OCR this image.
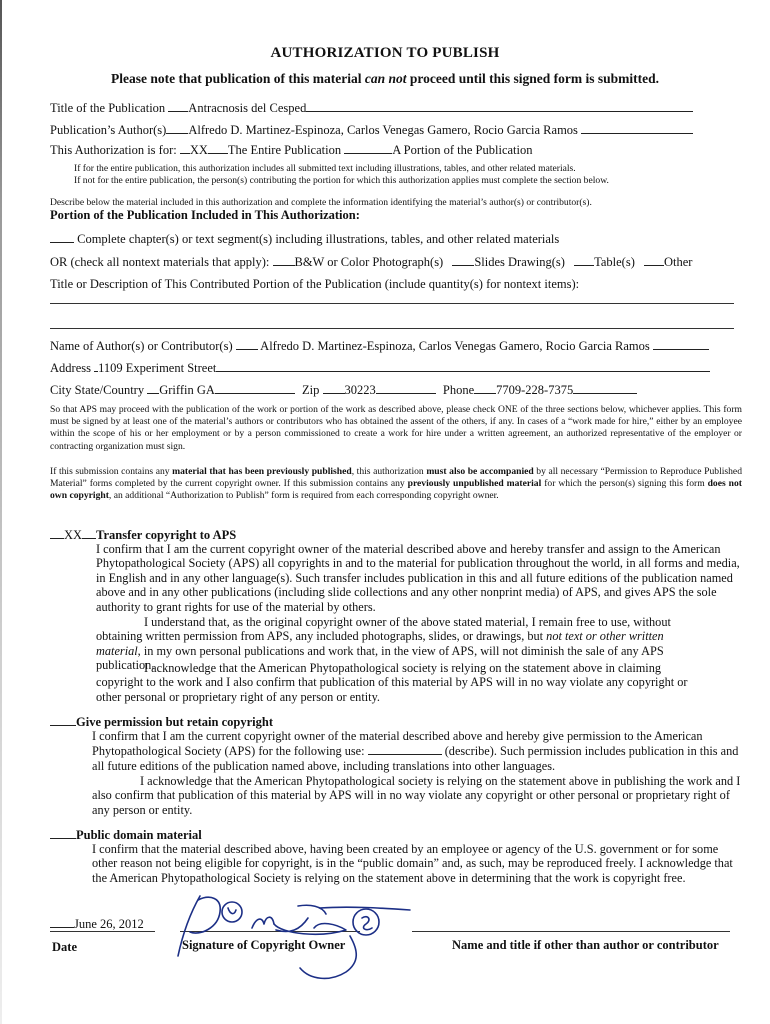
AUTHORIZATION TO PUBLISH
Please note that publication of this material can not proceed until this signed form is submitted.
Title of the Publication Antracnosis del Cesped
Publication’s Author(s) Alfredo D. Martinez-Espinoza, Carlos Venegas Gamero, Rocio Garcia Ramos
This Authorization is for: XX The Entire Publication	A Portion of the Publication
If for the entire publication, this authorization includes all submitted text including illustrations, tables, and other related materials.
If not for the entire publication, the person(s) contributing the portion for which this authorization applies must complete the section below.
Describe below the material included in this authorization and complete the information identifying the material’s author(s) or contributor(s).
Portion of the Publication Included in This Authorization:
Complete chapter(s) or text segment(s) including illustrations, tables, and other related materials
OR (check all nontext materials that apply): B&W or Color Photograph(s) Slides Drawing(s) Table(s) Other
Title or Description of This Contributed Portion of the Publication (include quantity(s) for nontext items):
Name of Author(s) or Contributor(s) Alfredo D. Martinez-Espinoza, Carlos Venegas Gamero, Rocio Garcia Ramos
Address 1109 Experiment Street
City State/Country Griffin GA	Zip 30223	Phone 7709-228-7375
So that APS may proceed with the publication of the work or portion of the work as described above, please check ONE of the three sections below, whichever applies. This form must be signed by at least one of the material’s authors or contributors who has obtained the assent of the others, if any. In cases of a “work made for hire,” either by an employee within the scope of his or her employment or by a person commissioned to create a work for hire under a written agreement, an authorized representative of the employer or contracting organization must sign.
If this submission contains any material that has been previously published, this authorization must also be accompanied by all necessary “Permission to Reproduce Published Material” forms completed by the current copyright owner. If this submission contains any previously unpublished material for which the person(s) signing this form does not own copyright, an additional “Authorization to Publish” form is required from each corresponding copyright owner.
XX Transfer copyright to APS
I confirm that I am the current copyright owner of the material described above and hereby transfer and assign to the American Phytopathological Society (APS) all copyrights in and to the material for publication throughout the world, in all forms and media, in English and in any other language(s). Such transfer includes publication in this and all future editions of the publication named above and in any other publications (including slide collections and any other nonprint media) of APS, and gives APS the sole authority to grant rights for use of the material by others.
I understand that, as the original copyright owner of the above stated material, I remain free to use, without obtaining written permission from APS, any included photographs, slides, or drawings, but not text or other written material, in my own personal publications and work that, in the view of APS, will not diminish the sale of any APS publication.
I acknowledge that the American Phytopathological society is relying on the statement above in claiming copyright to the work and I also confirm that publication of this material by APS will in no way violate any copyright or other personal or proprietary right of any person or entity.
Give permission but retain copyright
I confirm that I am the current copyright owner of the material described above and hereby give permission to the American Phytopathological Society (APS) for the following use:	(describe). Such permission includes publication in this and all future editions of the publication named above, including translations into other languages.
I acknowledge that the American Phytopathological society is relying on the statement above in publishing the work and I also confirm that publication of this material by APS will in no way violate any copyright or other personal or proprietary right of any person or entity.
Public domain material
I confirm that the material described above, having been created by an employee or agency of the U.S. government or for some other reason not being eligible for copyright, is in the “public domain” and, as such, may be reproduced freely. I acknowledge that the American Phytopathological Society is relying on the statement above in determining that the work is copyright free.
June 26, 2012
Date	Signature of Copyright Owner	Name and title if other than author or contributor
